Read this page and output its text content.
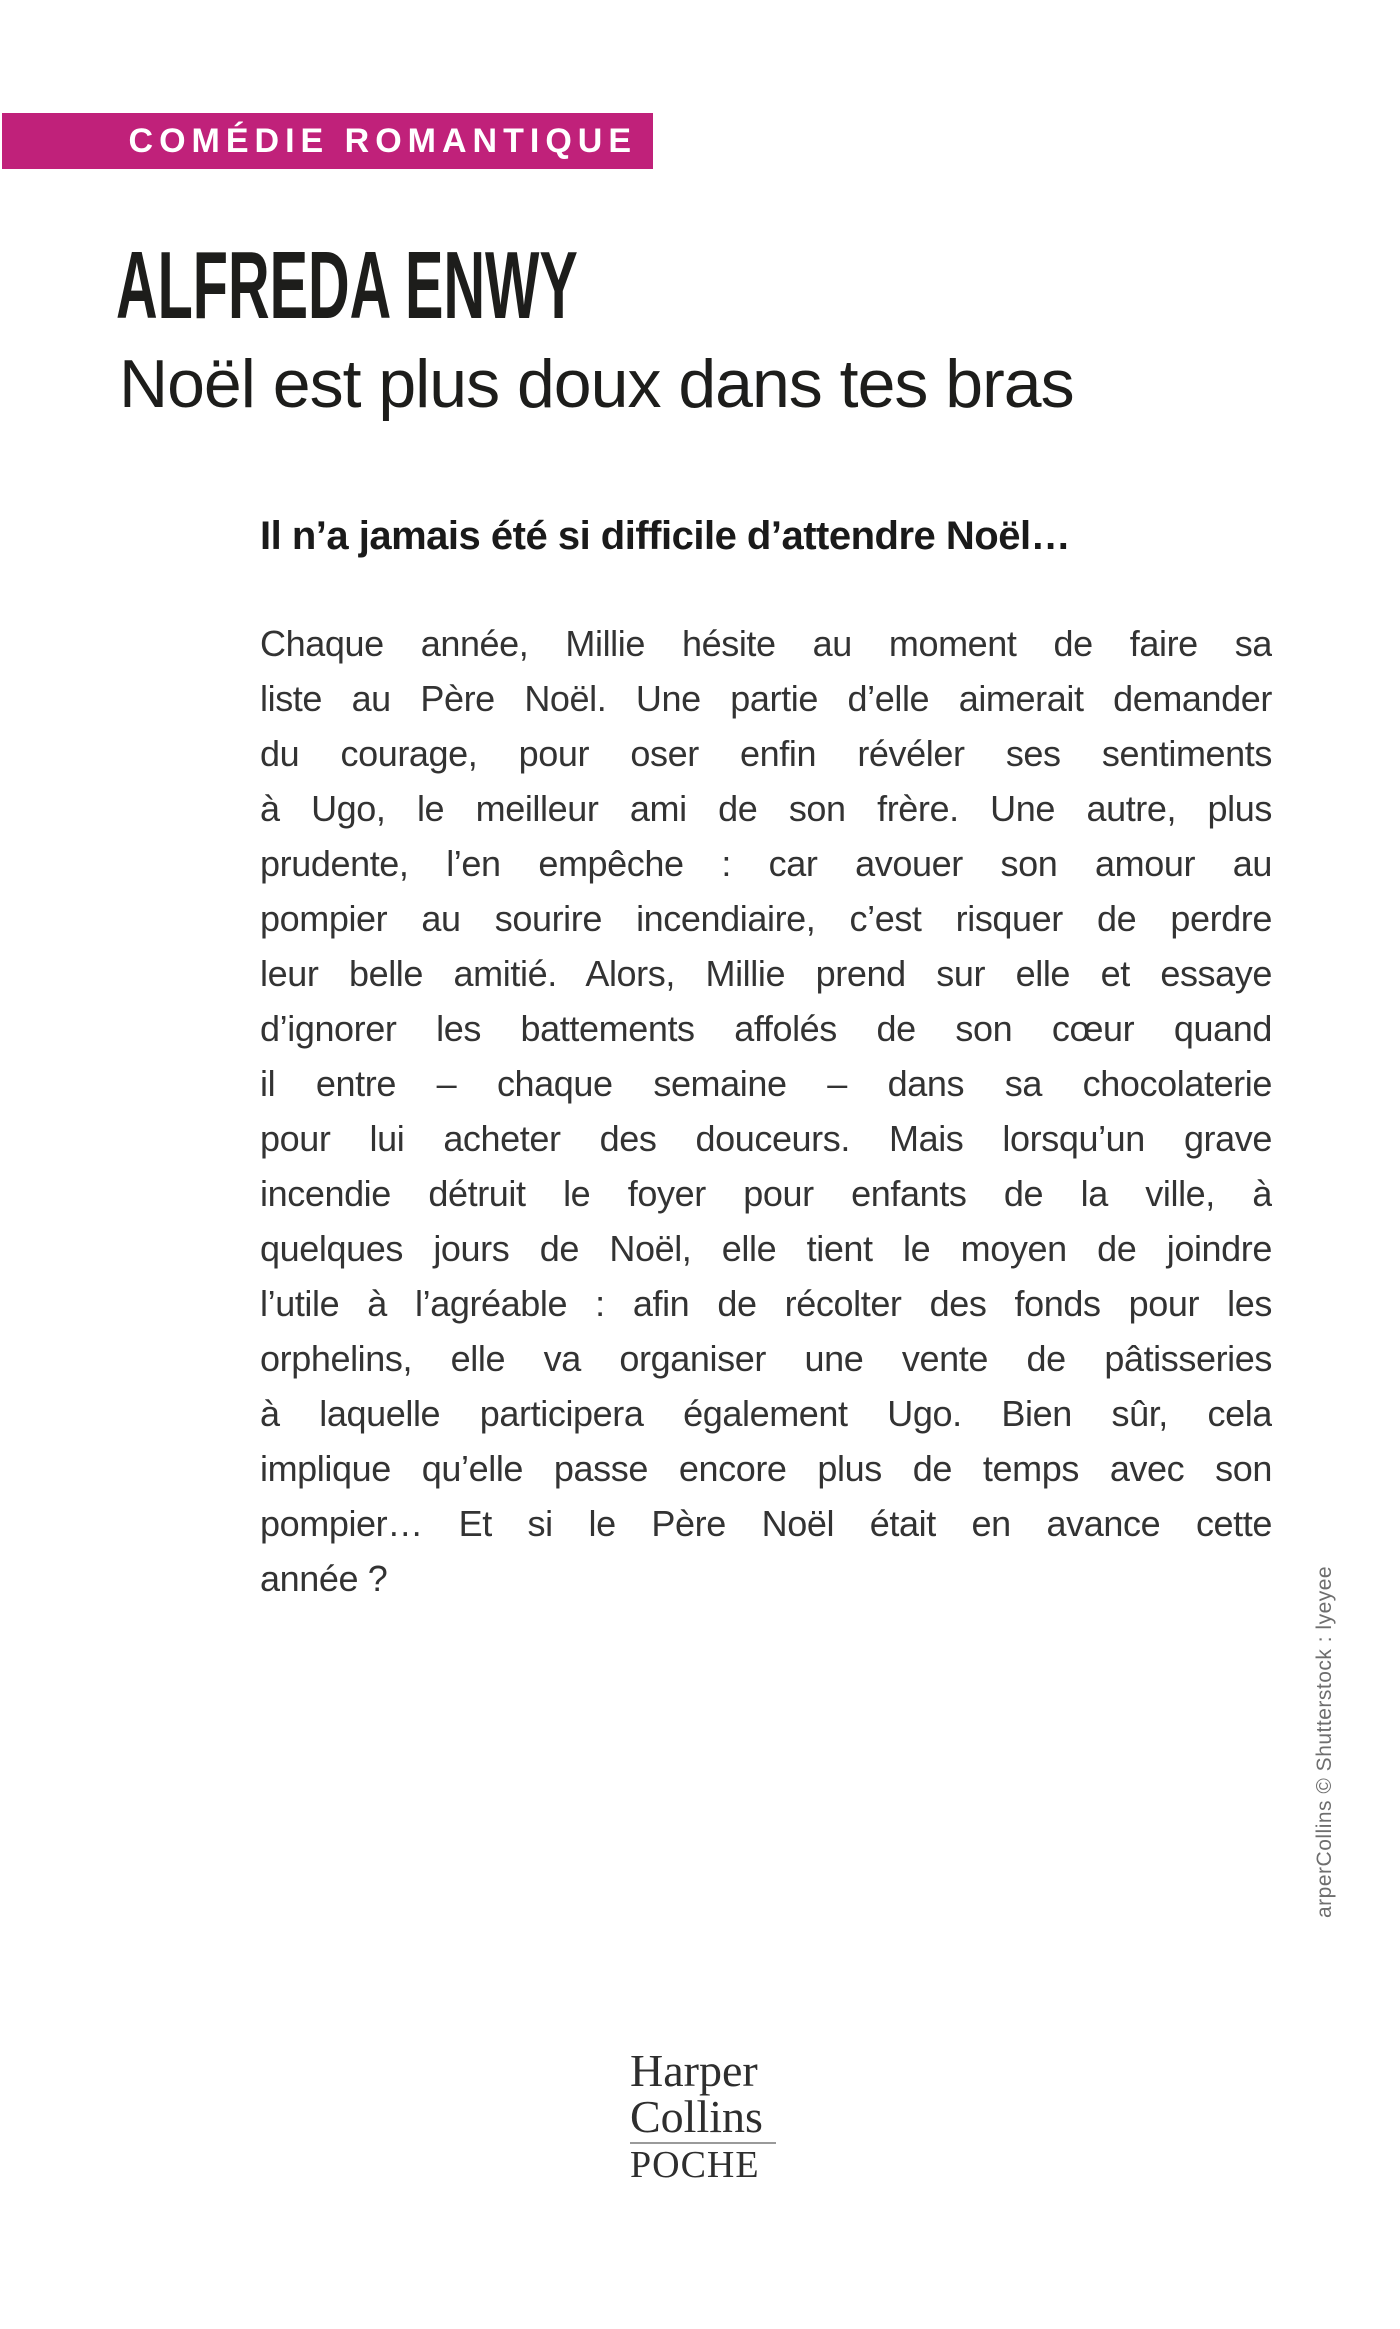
COMÉDIE ROMANTIQUE
ALFREDA ENWY
Noël est plus doux dans tes bras
Il n’a jamais été si difficile d’attendre Noël…
Chaque année, Millie hésite au moment de faire sa
liste au Père Noël. Une partie d’elle aimerait demander
du courage, pour oser enfin révéler ses sentiments
à Ugo, le meilleur ami de son frère. Une autre, plus
prudente, l’en empêche : car avouer son amour au
pompier au sourire incendiaire, c’est risquer de perdre
leur belle amitié. Alors, Millie prend sur elle et essaye
d’ignorer les battements affolés de son cœur quand
il entre – chaque semaine – dans sa chocolaterie
pour lui acheter des douceurs. Mais lorsqu’un grave
incendie détruit le foyer pour enfants de la ville, à
quelques jours de Noël, elle tient le moyen de joindre
l’utile à l’agréable : afin de récolter des fonds pour les
orphelins, elle va organiser une vente de pâtisseries
à laquelle participera également Ugo. Bien sûr, cela
implique qu’elle passe encore plus de temps avec son
pompier… Et si le Père Noël était en avance cette
année ?	arperCollins © Shutterstock : lyeyee
Harper
Collins
POCHE
